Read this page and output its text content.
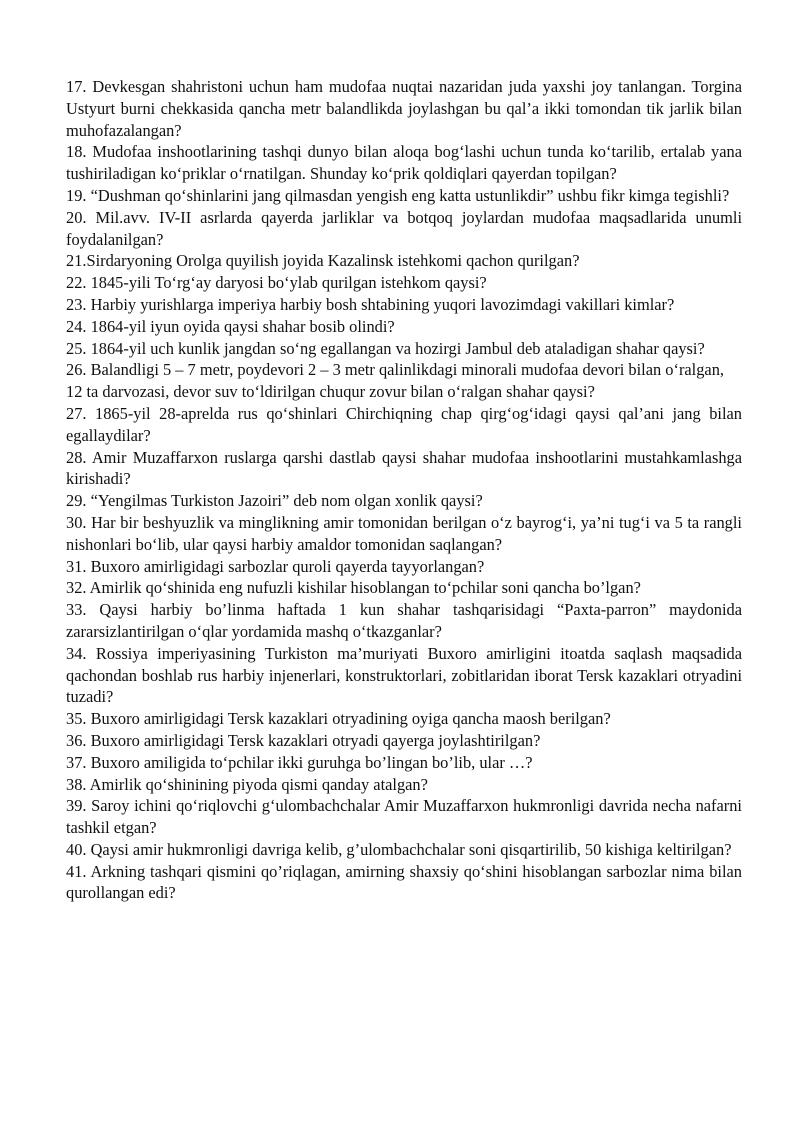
17. Devkesgan shahristoni uchun ham mudofaa nuqtai nazaridan juda yaxshi joy tanlangan. Torgina Ustyurt burni chekkasida qancha metr balandlikda joylashgan bu qal’a ikki tomondan tik jarlik bilan muhofazalangan?

18. Mudofaa inshootlarining tashqi dunyo bilan aloqa bog‘lashi uchun tunda ko‘tarilib, ertalab yana tushiriladigan ko‘priklar o‘rnatilgan. Shunday ko‘prik qoldiqlari qayerdan topilgan?

19. “Dushman qo‘shinlarini jang qilmasdan yengish eng katta ustunlikdir” ushbu fikr kimga tegishli?

20. Mil.avv. IV-II asrlarda qayerda jarliklar va botqoq joylardan mudofaa maqsadlarida unumli foydalanilgan?

21.Sirdaryoning Orolga quyilish joyida Kazalinsk istehkomi qachon qurilgan?

22. 1845-yili To‘rg‘ay daryosi bo‘ylab qurilgan istehkom qaysi?

23. Harbiy yurishlarga imperiya harbiy bosh shtabining yuqori lavozimdagi vakillari kimlar?

24. 1864-yil iyun oyida qaysi shahar bosib olindi?

25. 1864-yil uch kunlik jangdan so‘ng egallangan va hozirgi Jambul deb ataladigan shahar qaysi?

26. Balandligi 5 – 7 metr, poydevori 2 – 3 metr qalinlikdagi minorali mudofaa devori bilan o‘ralgan, 12 ta darvozasi, devor suv to‘ldirilgan chuqur zovur bilan o‘ralgan shahar qaysi?

27. 1865-yil 28-aprelda rus qo‘shinlari Chirchiqning chap qirg‘og‘idagi qaysi qal’ani jang bilan egallaydilar?

28. Amir Muzaffarxon ruslarga qarshi dastlab qaysi shahar mudofaa inshootlarini mustahkamlashga kirishadi?

29. “Yengilmas Turkiston Jazoiri” deb nom olgan xonlik qaysi?

30. Har bir beshyuzlik va minglikning amir tomonidan berilgan o‘z bayrog‘i, ya’ni tug‘i va 5 ta rangli nishonlari bo‘lib, ular qaysi harbiy amaldor tomonidan saqlangan?

31. Buxoro amirligidagi sarbozlar quroli qayerda tayyorlangan?

32. Amirlik qo‘shinida eng nufuzli kishilar hisoblangan to‘pchilar soni qancha bo’lgan?

33. Qaysi harbiy bo’linma haftada 1 kun shahar tashqarisidagi “Paxta-parron” maydonida zararsizlantirilgan o‘qlar yordamida mashq o‘tkazganlar?

34. Rossiya imperiyasining Turkiston ma’muriyati Buxoro amirligini itoatda saqlash maqsadida qachondan boshlab rus harbiy injenerlari, konstruktorlari, zobitlaridan iborat Tersk kazaklari otryadini tuzadi?

35. Buxoro amirligidagi Tersk kazaklari otryadining oyiga qancha maosh berilgan?

36. Buxoro amirligidagi Tersk kazaklari otryadi qayerga joylashtirilgan?

37. Buxoro amiligida to‘pchilar ikki guruhga bo’lingan bo’lib, ular …?

38. Amirlik qo‘shinining piyoda qismi qanday atalgan?

39. Saroy ichini qo‘riqlovchi g‘ulombachchalar Amir Muzaffarxon hukmronligi davrida necha nafarni tashkil etgan?

40. Qaysi amir hukmronligi davriga kelib, g’ulombachchalar soni qisqartirilib, 50 kishiga keltirilgan?

41. Arkning tashqari qismini qo’riqlagan, amirning shaxsiy qo‘shini hisoblangan sarbozlar nima bilan qurollangan edi?
